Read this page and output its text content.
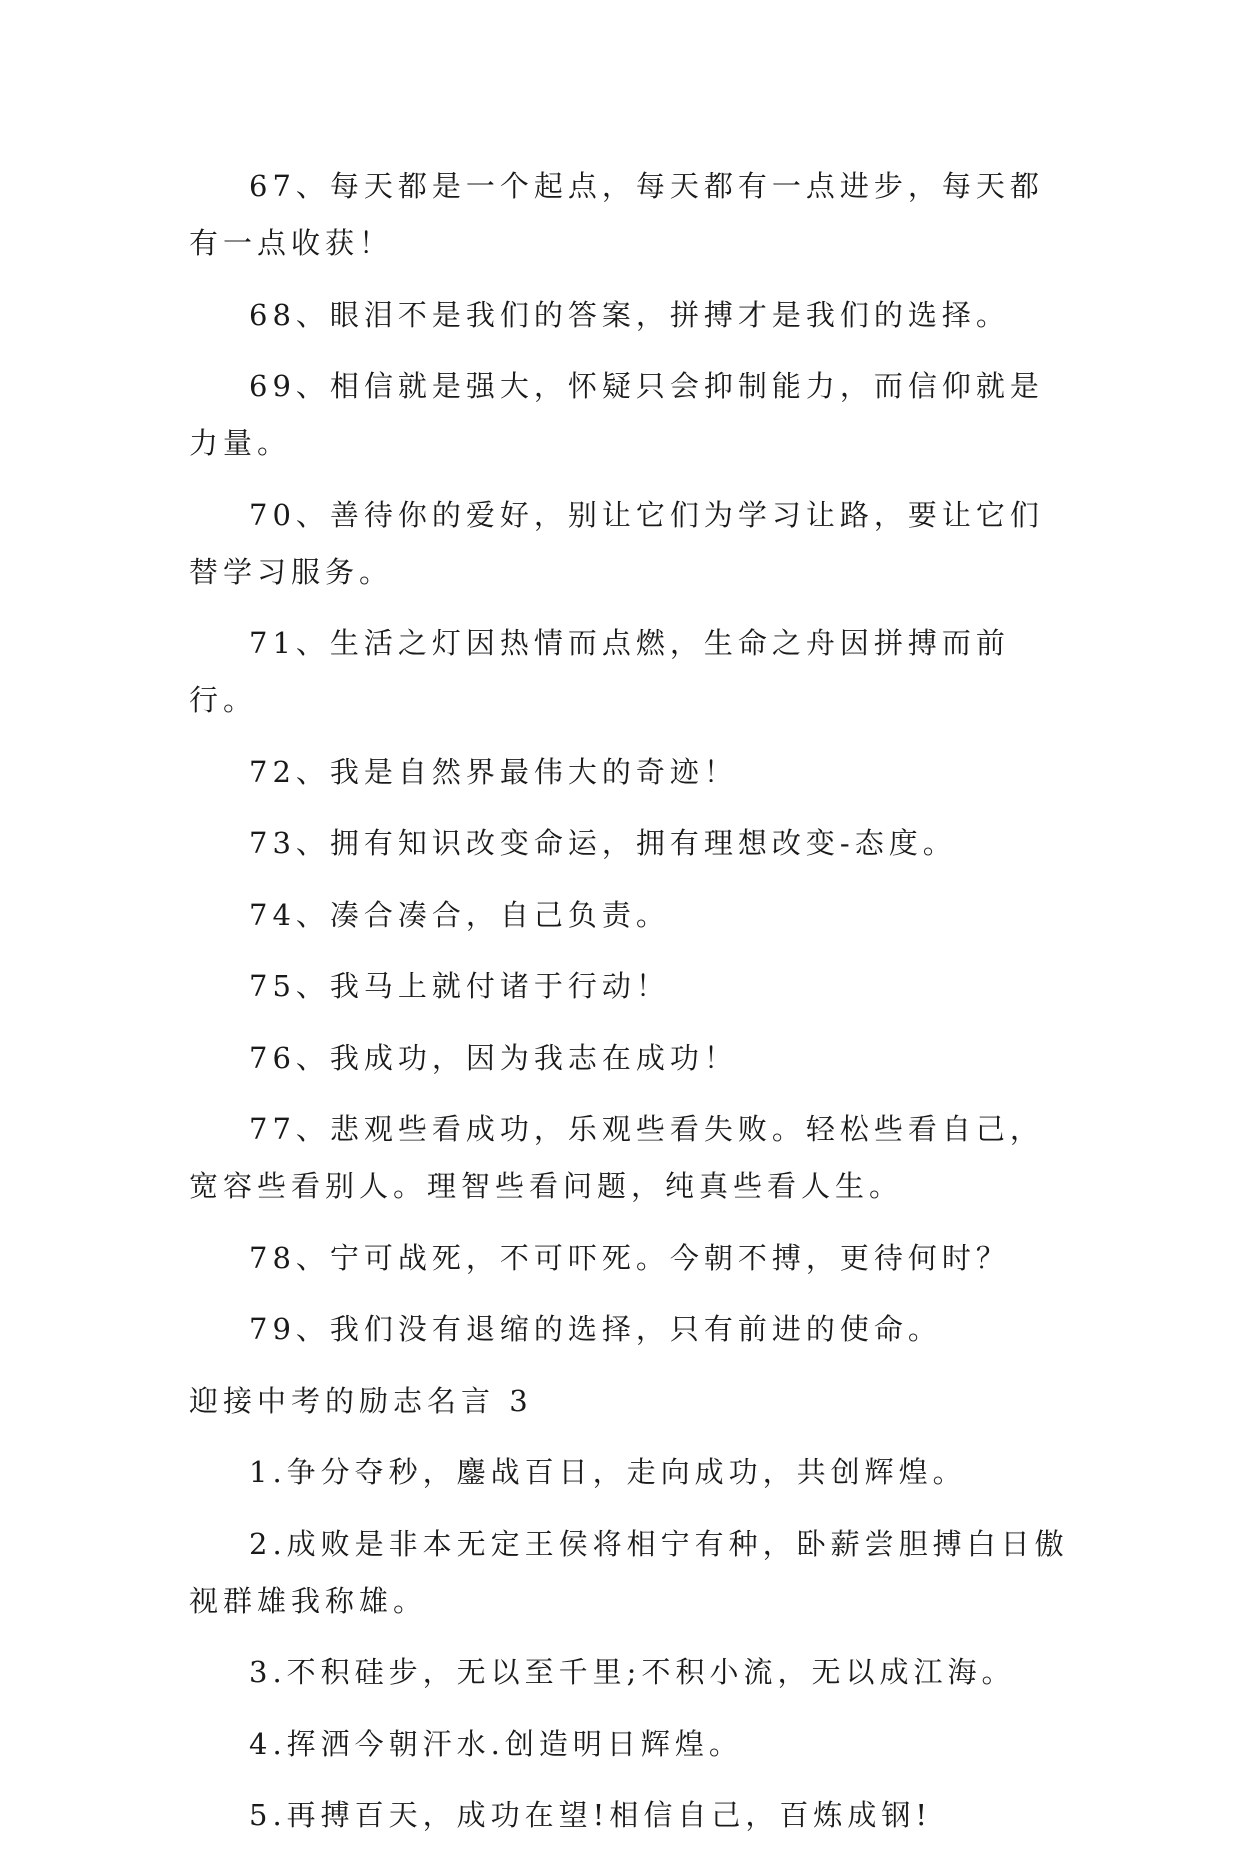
67、每天都是一个起点，每天都有一点进步，每天都有一点收获！

68、眼泪不是我们的答案，拼搏才是我们的选择。

69、相信就是强大，怀疑只会抑制能力，而信仰就是力量。

70、善待你的爱好，别让它们为学习让路，要让它们替学习服务。

71、生活之灯因热情而点燃，生命之舟因拼搏而前行。

72、我是自然界最伟大的奇迹！

73、拥有知识改变命运，拥有理想改变-态度。

74、凑合凑合，自己负责。

75、我马上就付诸于行动！

76、我成功，因为我志在成功！

77、悲观些看成功，乐观些看失败。轻松些看自己，宽容些看别人。理智些看问题，纯真些看人生。

78、宁可战死，不可吓死。今朝不搏，更待何时？

79、我们没有退缩的选择，只有前进的使命。

迎接中考的励志名言 3

1.争分夺秒，鏖战百日，走向成功，共创辉煌。

2.成败是非本无定王侯将相宁有种，卧薪尝胆搏白日傲视群雄我称雄。

3.不积硅步，无以至千里;不积小流，无以成江海。

4.挥洒今朝汗水.创造明日辉煌。

5.再搏百天，成功在望!相信自己，百炼成钢!
